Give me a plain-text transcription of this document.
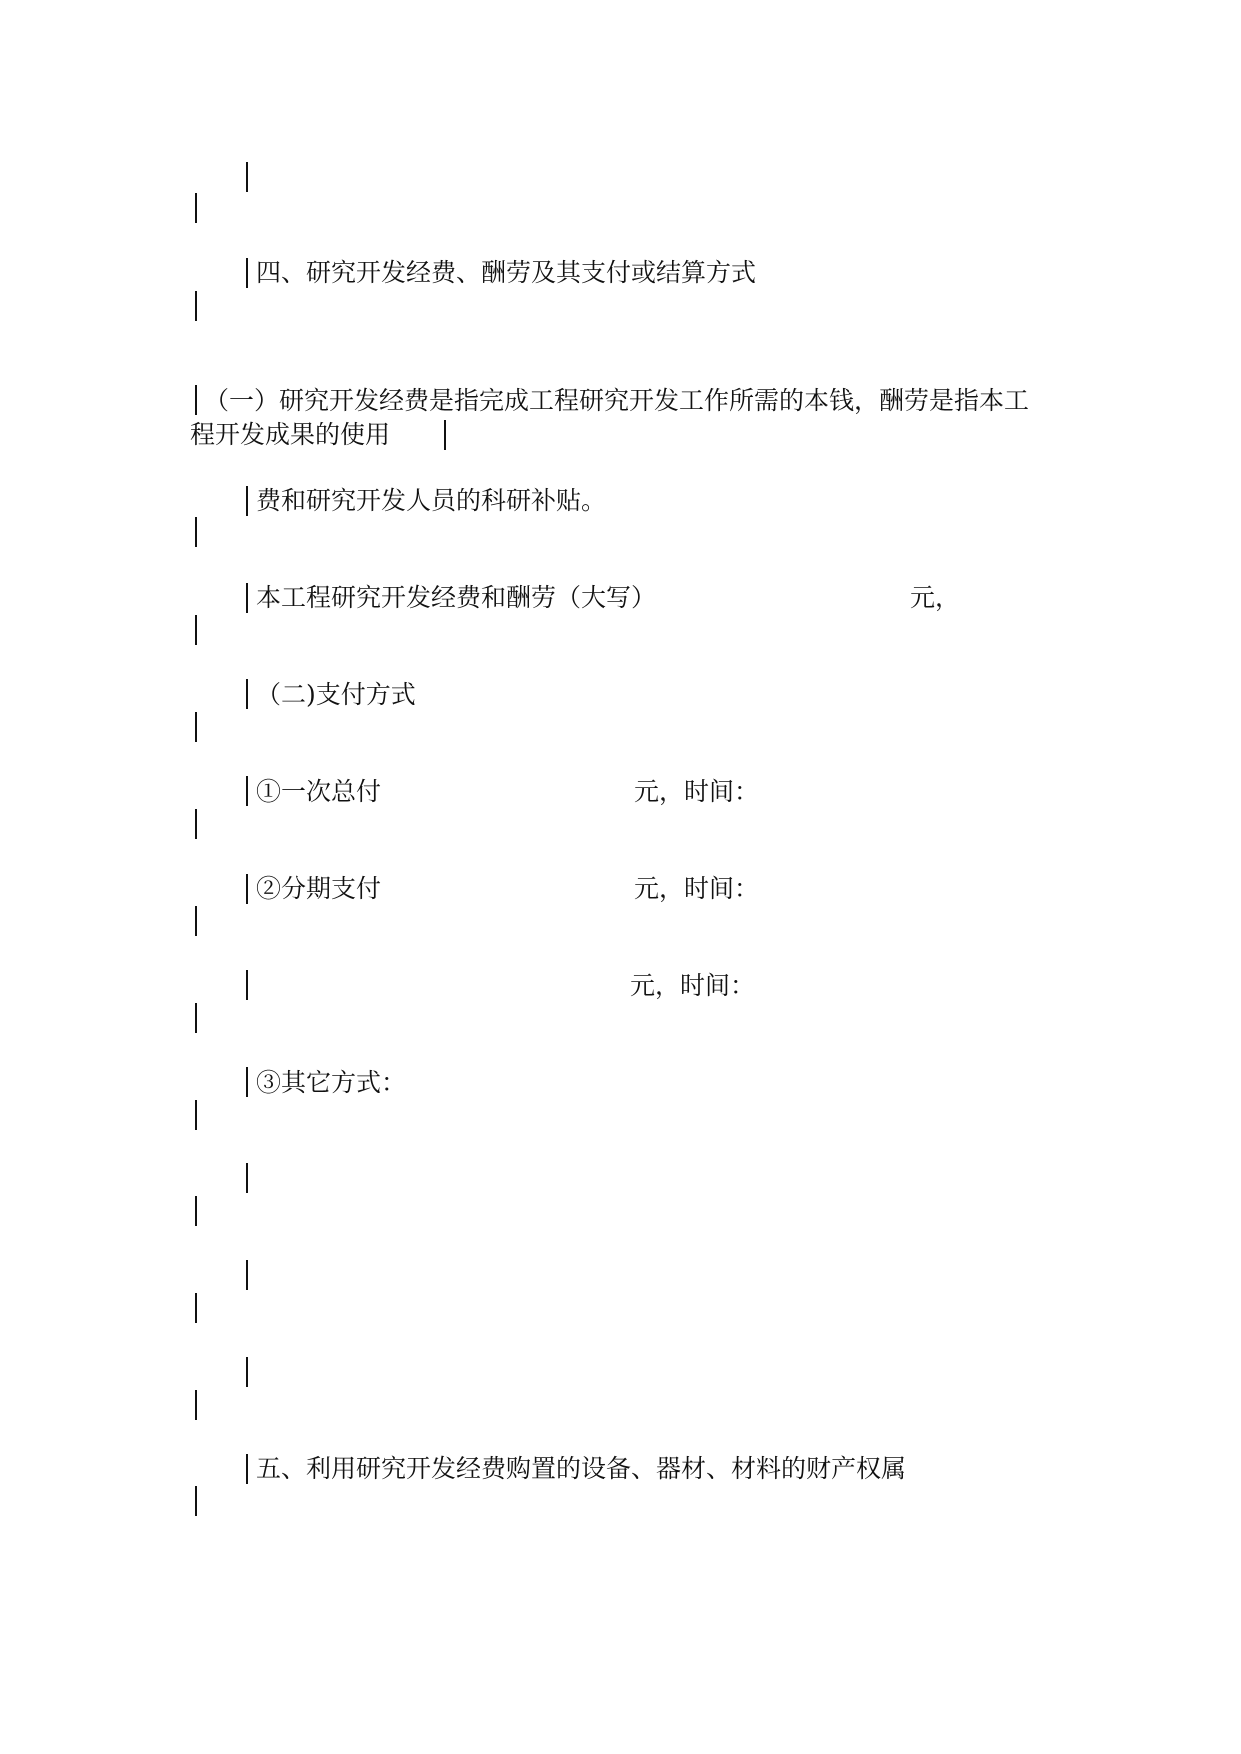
四、研究开发经费、酬劳及其支付或结算方式
（一）研究开发经费是指完成工程研究开发工作所需的本钱，酬劳是指本工
程开发成果的使用
费和研究开发人员的科研补贴。
本工程研究开发经费和酬劳（大写）	元，
（二)支付方式
①一次总付	元，时间：
②分期支付	元，时间：
元，时间：
③其它方式：
五、利用研究开发经费购置的设备、器材、材料的财产权属
